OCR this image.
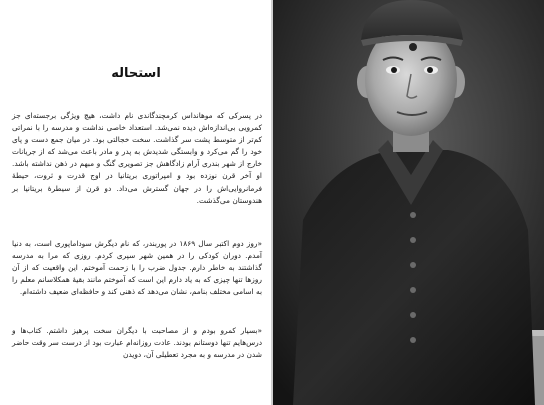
استحاله

در پسرکی که موهانداس کرمچندگاندی نام داشت، هیچ ویژگی برجسته‌ای جز کمرویی بی‌اندازه‌اش دیده نمی‌شد. استعداد خاصی نداشت و مدرسه را با نمراتی کم‌تر از متوسط پشت سر گذاشت. سخت خجالتی بود. در میان جمع دست و پای خود را گم می‌کرد و وابستگی شدیدش به پدر و مادر باعث می‌شد که از جریانات خارج از شهر بندری آرام زادگاهش جز تصویری گنگ و مبهم در ذهن نداشته باشد. او آخر قرن نوزده بود و امپراتوری بریتانیا در اوج قدرت و ثروت، حیطهٔ فرمانروایی‌اش را در جهان گسترش می‌داد. دو قرن از سیطرهٔ بریتانیا بر هندوستان می‌گذشت.

«روز دوم اکتبر سال ۱۸۶۹ در پوربندر، که نام دیگرش سوداماپوری است، به دنیا آمدم. دوران کودکی را در همین شهر سپری کردم. روزی که مرا به مدرسه گذاشتند به خاطر دارم. جدول ضرب را با زحمت آموختم. این واقعیت که از آن روزها تنها چیزی که به یاد دارم این است که آموختم مانند بقیهٔ همکلاسانم معلم را به اسامی مختلف بنامم، نشان می‌دهد که ذهنی کند و حافظه‌ای ضعیف داشته‌ام.

«بسیار کمرو بودم و از مصاحبت با دیگران سخت پرهیز داشتم. کتاب‌ها و درس‌هایم تنها دوستانم بودند. عادت روزانه‌ام عبارت بود از درست سر وقت حاضر شدن در مدرسه و به مجرد تعطیلی آن، دویدن
